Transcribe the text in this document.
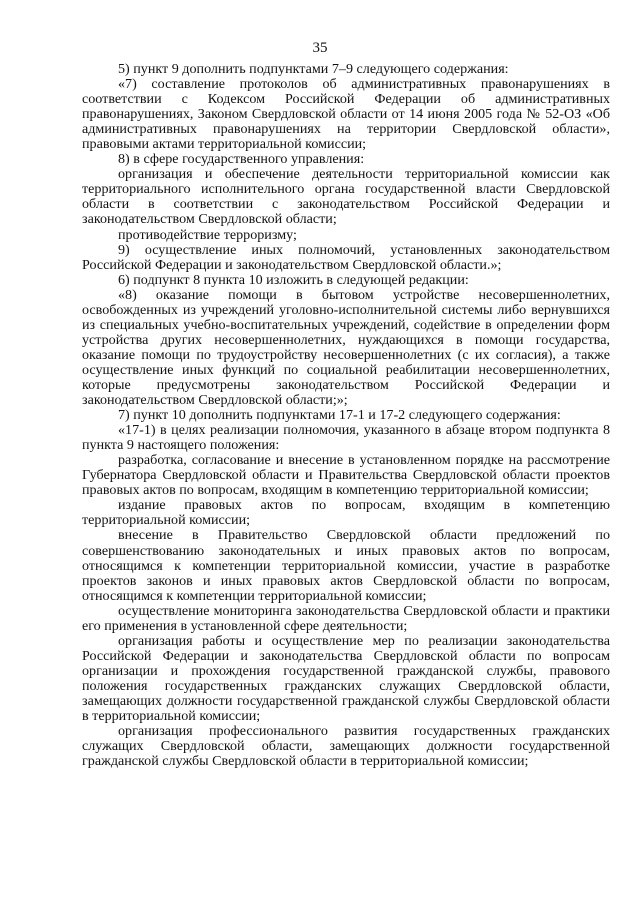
35

5) пункт 9 дополнить подпунктами 7–9 следующего содержания:

«7) составление протоколов об административных правонарушениях в соответствии с Кодексом Российской Федерации об административных правонарушениях, Законом Свердловской области от 14 июня 2005 года № 52-ОЗ «Об административных правонарушениях на территории Свердловской области», правовыми актами территориальной комиссии;

8) в сфере государственного управления:

организация и обеспечение деятельности территориальной комиссии как территориального исполнительного органа государственной власти Свердловской области в соответствии с законодательством Российской Федерации и законодательством Свердловской области;

противодействие терроризму;

9) осуществление иных полномочий, установленных законодательством Российской Федерации и законодательством Свердловской области.»;

6) подпункт 8 пункта 10 изложить в следующей редакции:

«8) оказание помощи в бытовом устройстве несовершеннолетних, освобожденных из учреждений уголовно-исполнительной системы либо вернувшихся из специальных учебно-воспитательных учреждений, содействие в определении форм устройства других несовершеннолетних, нуждающихся в помощи государства, оказание помощи по трудоустройству несовершеннолетних (с их согласия), а также осуществление иных функций по социальной реабилитации несовершеннолетних, которые предусмотрены законодательством Российской Федерации и законодательством Свердловской области;»;

7) пункт 10 дополнить подпунктами 17-1 и 17-2 следующего содержания:

«17-1) в целях реализации полномочия, указанного в абзаце втором подпункта 8 пункта 9 настоящего положения:

разработка, согласование и внесение в установленном порядке на рассмотрение Губернатора Свердловской области и Правительства Свердловской области проектов правовых актов по вопросам, входящим в компетенцию территориальной комиссии;

издание правовых актов по вопросам, входящим в компетенцию территориальной комиссии;

внесение в Правительство Свердловской области предложений по совершенствованию законодательных и иных правовых актов по вопросам, относящимся к компетенции территориальной комиссии, участие в разработке проектов законов и иных правовых актов Свердловской области по вопросам, относящимся к компетенции территориальной комиссии;

осуществление мониторинга законодательства Свердловской области и практики его применения в установленной сфере деятельности;

организация работы и осуществление мер по реализации законодательства Российской Федерации и законодательства Свердловской области по вопросам организации и прохождения государственной гражданской службы, правового положения государственных гражданских служащих Свердловской области, замещающих должности государственной гражданской службы Свердловской области в территориальной комиссии;

организация профессионального развития государственных гражданских служащих Свердловской области, замещающих должности государственной гражданской службы Свердловской области в территориальной комиссии;
